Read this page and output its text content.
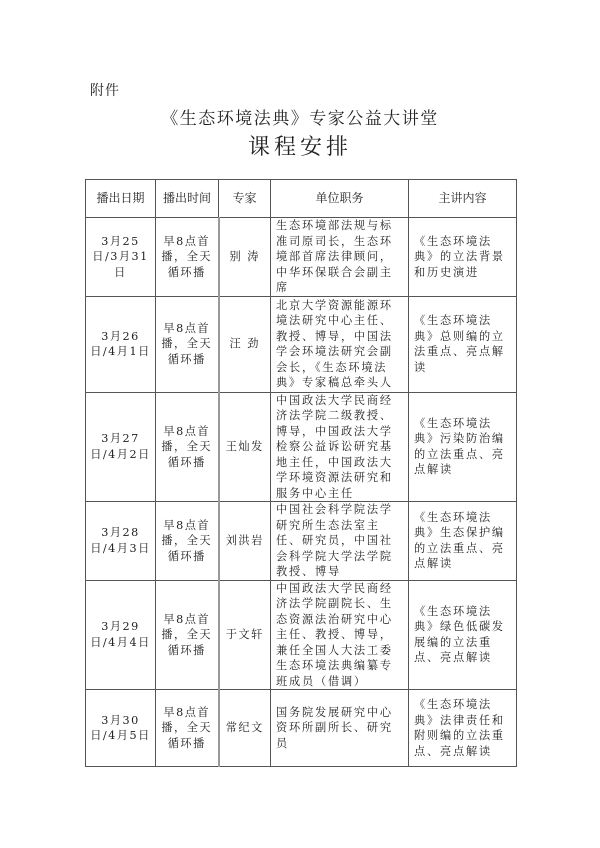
附件
《生态环境法典》专家公益大讲堂
课程安排
播出日期	播出时间	专家	单位职务	主讲内容
3月25日/3月31日	早8点首播，全天循环播	别 涛	生态环境部法规与标准司原司长，生态环境部首席法律顾问，中华环保联合会副主席	《生态环境法典》的立法背景和历史演进
3月26日/4月1日	早8点首播，全天循环播	汪 劲	北京大学资源能源环境法研究中心主任、教授、博导，中国法学会环境法研究会副会长，《生态环境法典》专家稿总牵头人	《生态环境法典》总则编的立法重点、亮点解读
3月27日/4月2日	早8点首播，全天循环播	王灿发	中国政法大学民商经济法学院二级教授、博导，中国政法大学检察公益诉讼研究基地主任，中国政法大学环境资源法研究和服务中心主任	《生态环境法典》污染防治编的立法重点、亮点解读
3月28日/4月3日	早8点首播，全天循环播	刘洪岩	中国社会科学院法学研究所生态法室主任、研究员，中国社会科学院大学法学院教授、博导	《生态环境法典》生态保护编的立法重点、亮点解读
3月29日/4月4日	早8点首播，全天循环播	于文轩	中国政法大学民商经济法学院副院长、生态资源法治研究中心主任、教授、博导，兼任全国人大法工委生态环境法典编纂专班成员（借调）	《生态环境法典》绿色低碳发展编的立法重点、亮点解读
3月30日/4月5日	早8点首播，全天循环播	常纪文	国务院发展研究中心资环所副所长、研究员	《生态环境法典》法律责任和附则编的立法重点、亮点解读
